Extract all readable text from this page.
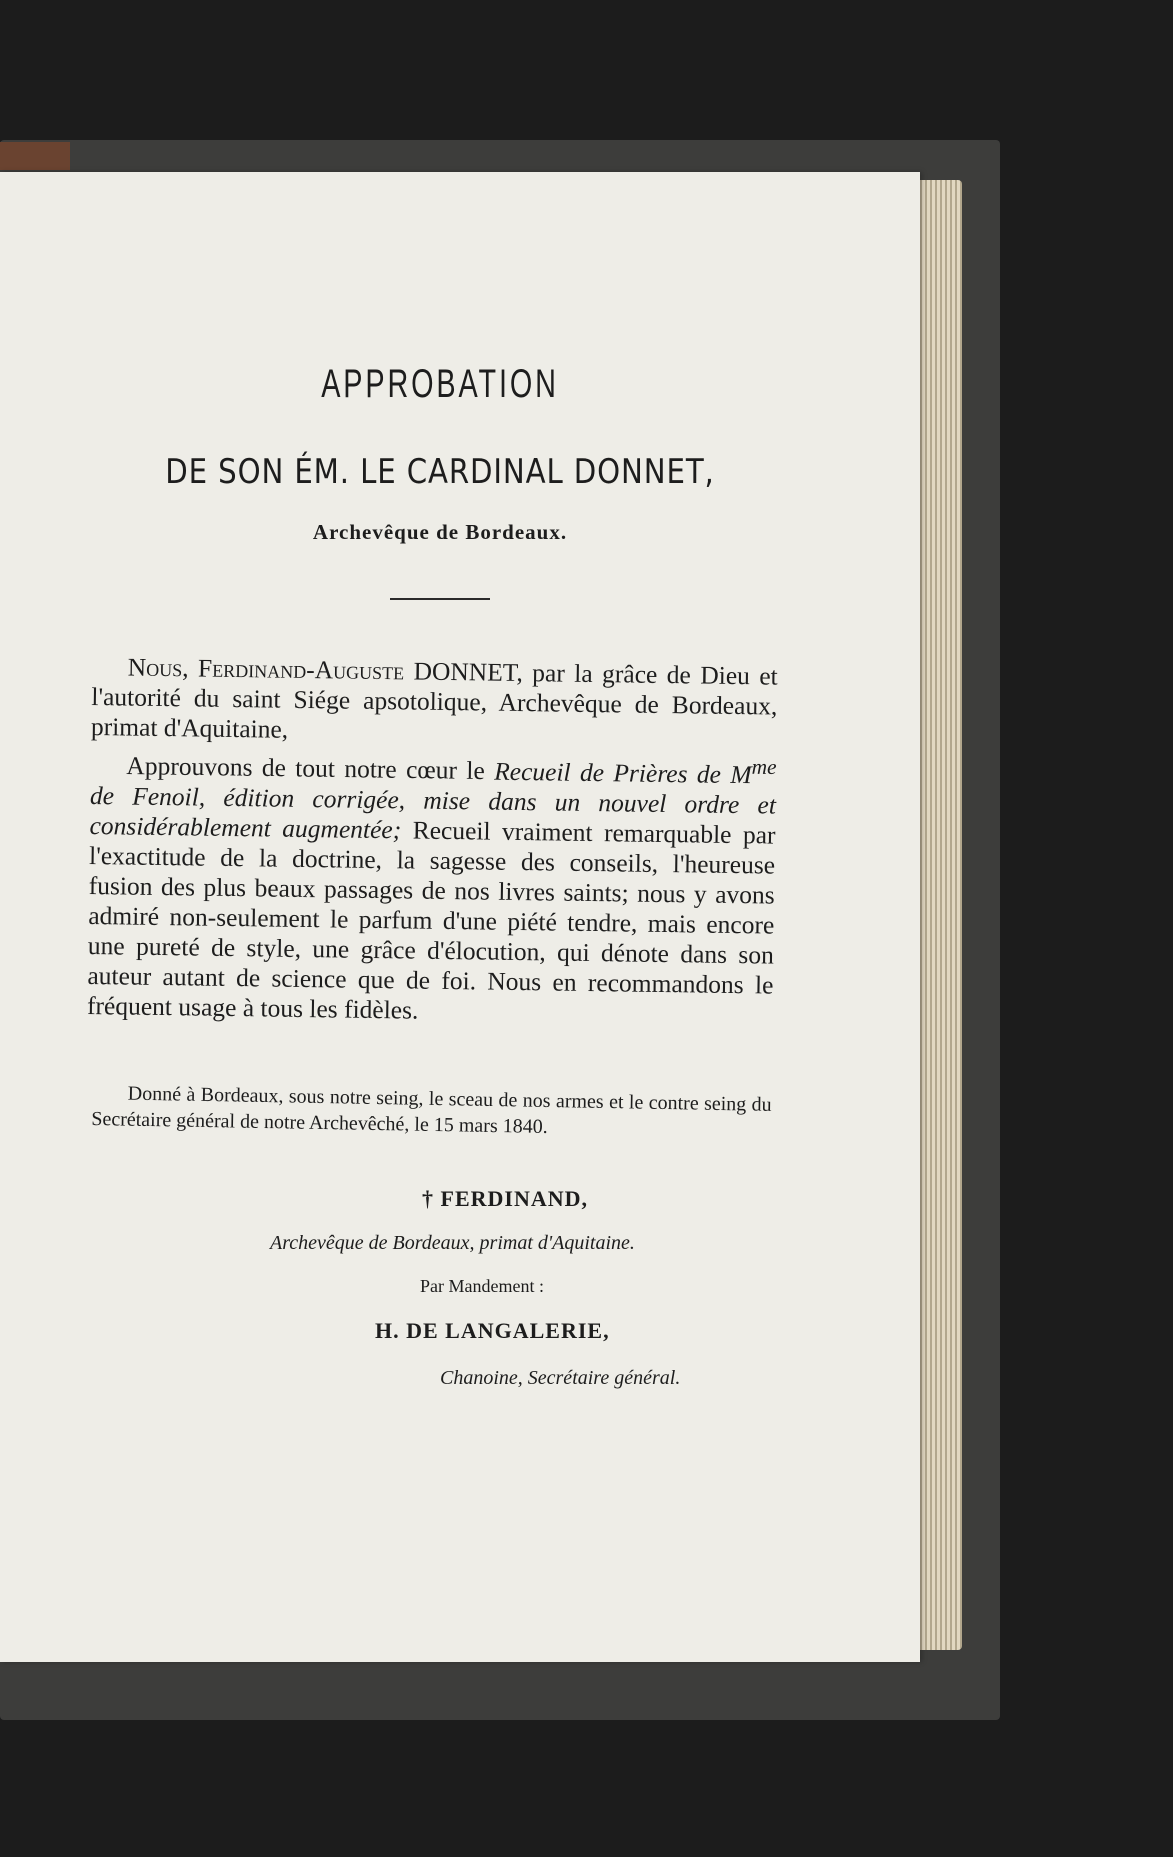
APPROBATION
DE SON ÉM. LE CARDINAL DONNET,
Archevêque de Bordeaux.

Nous, Ferdinand-Auguste DONNET, par la grâce de Dieu et l'autorité du saint Siége apsotolique, Archevêque de Bordeaux, primat d'Aquitaine,

Approuvons de tout notre cœur le Recueil de Prières de $M^{me}$ de Fenoil, édition corrigée, mise dans un nouvel ordre et considérablement augmentée; Recueil vraiment remarquable par l'exactitude de la doctrine, la sagesse des conseils, l'heureuse fusion des plus beaux passages de nos livres saints; nous y avons admiré non-seulement le parfum d'une piété tendre, mais encore une pureté de style, une grâce d'élocution, qui dénote dans son auteur autant de science que de foi. Nous en recommandons le fréquent usage à tous les fidèles.

Donné à Bordeaux, sous notre seing, le sceau de nos armes et le contre seing du Secrétaire général de notre Archevêché, le 15 mars 1840.
† FERDINAND,
Archevêque de Bordeaux, primat d'Aquitaine.
Par Mandement :
H. DE LANGALERIE,
Chanoine, Secrétaire général.
